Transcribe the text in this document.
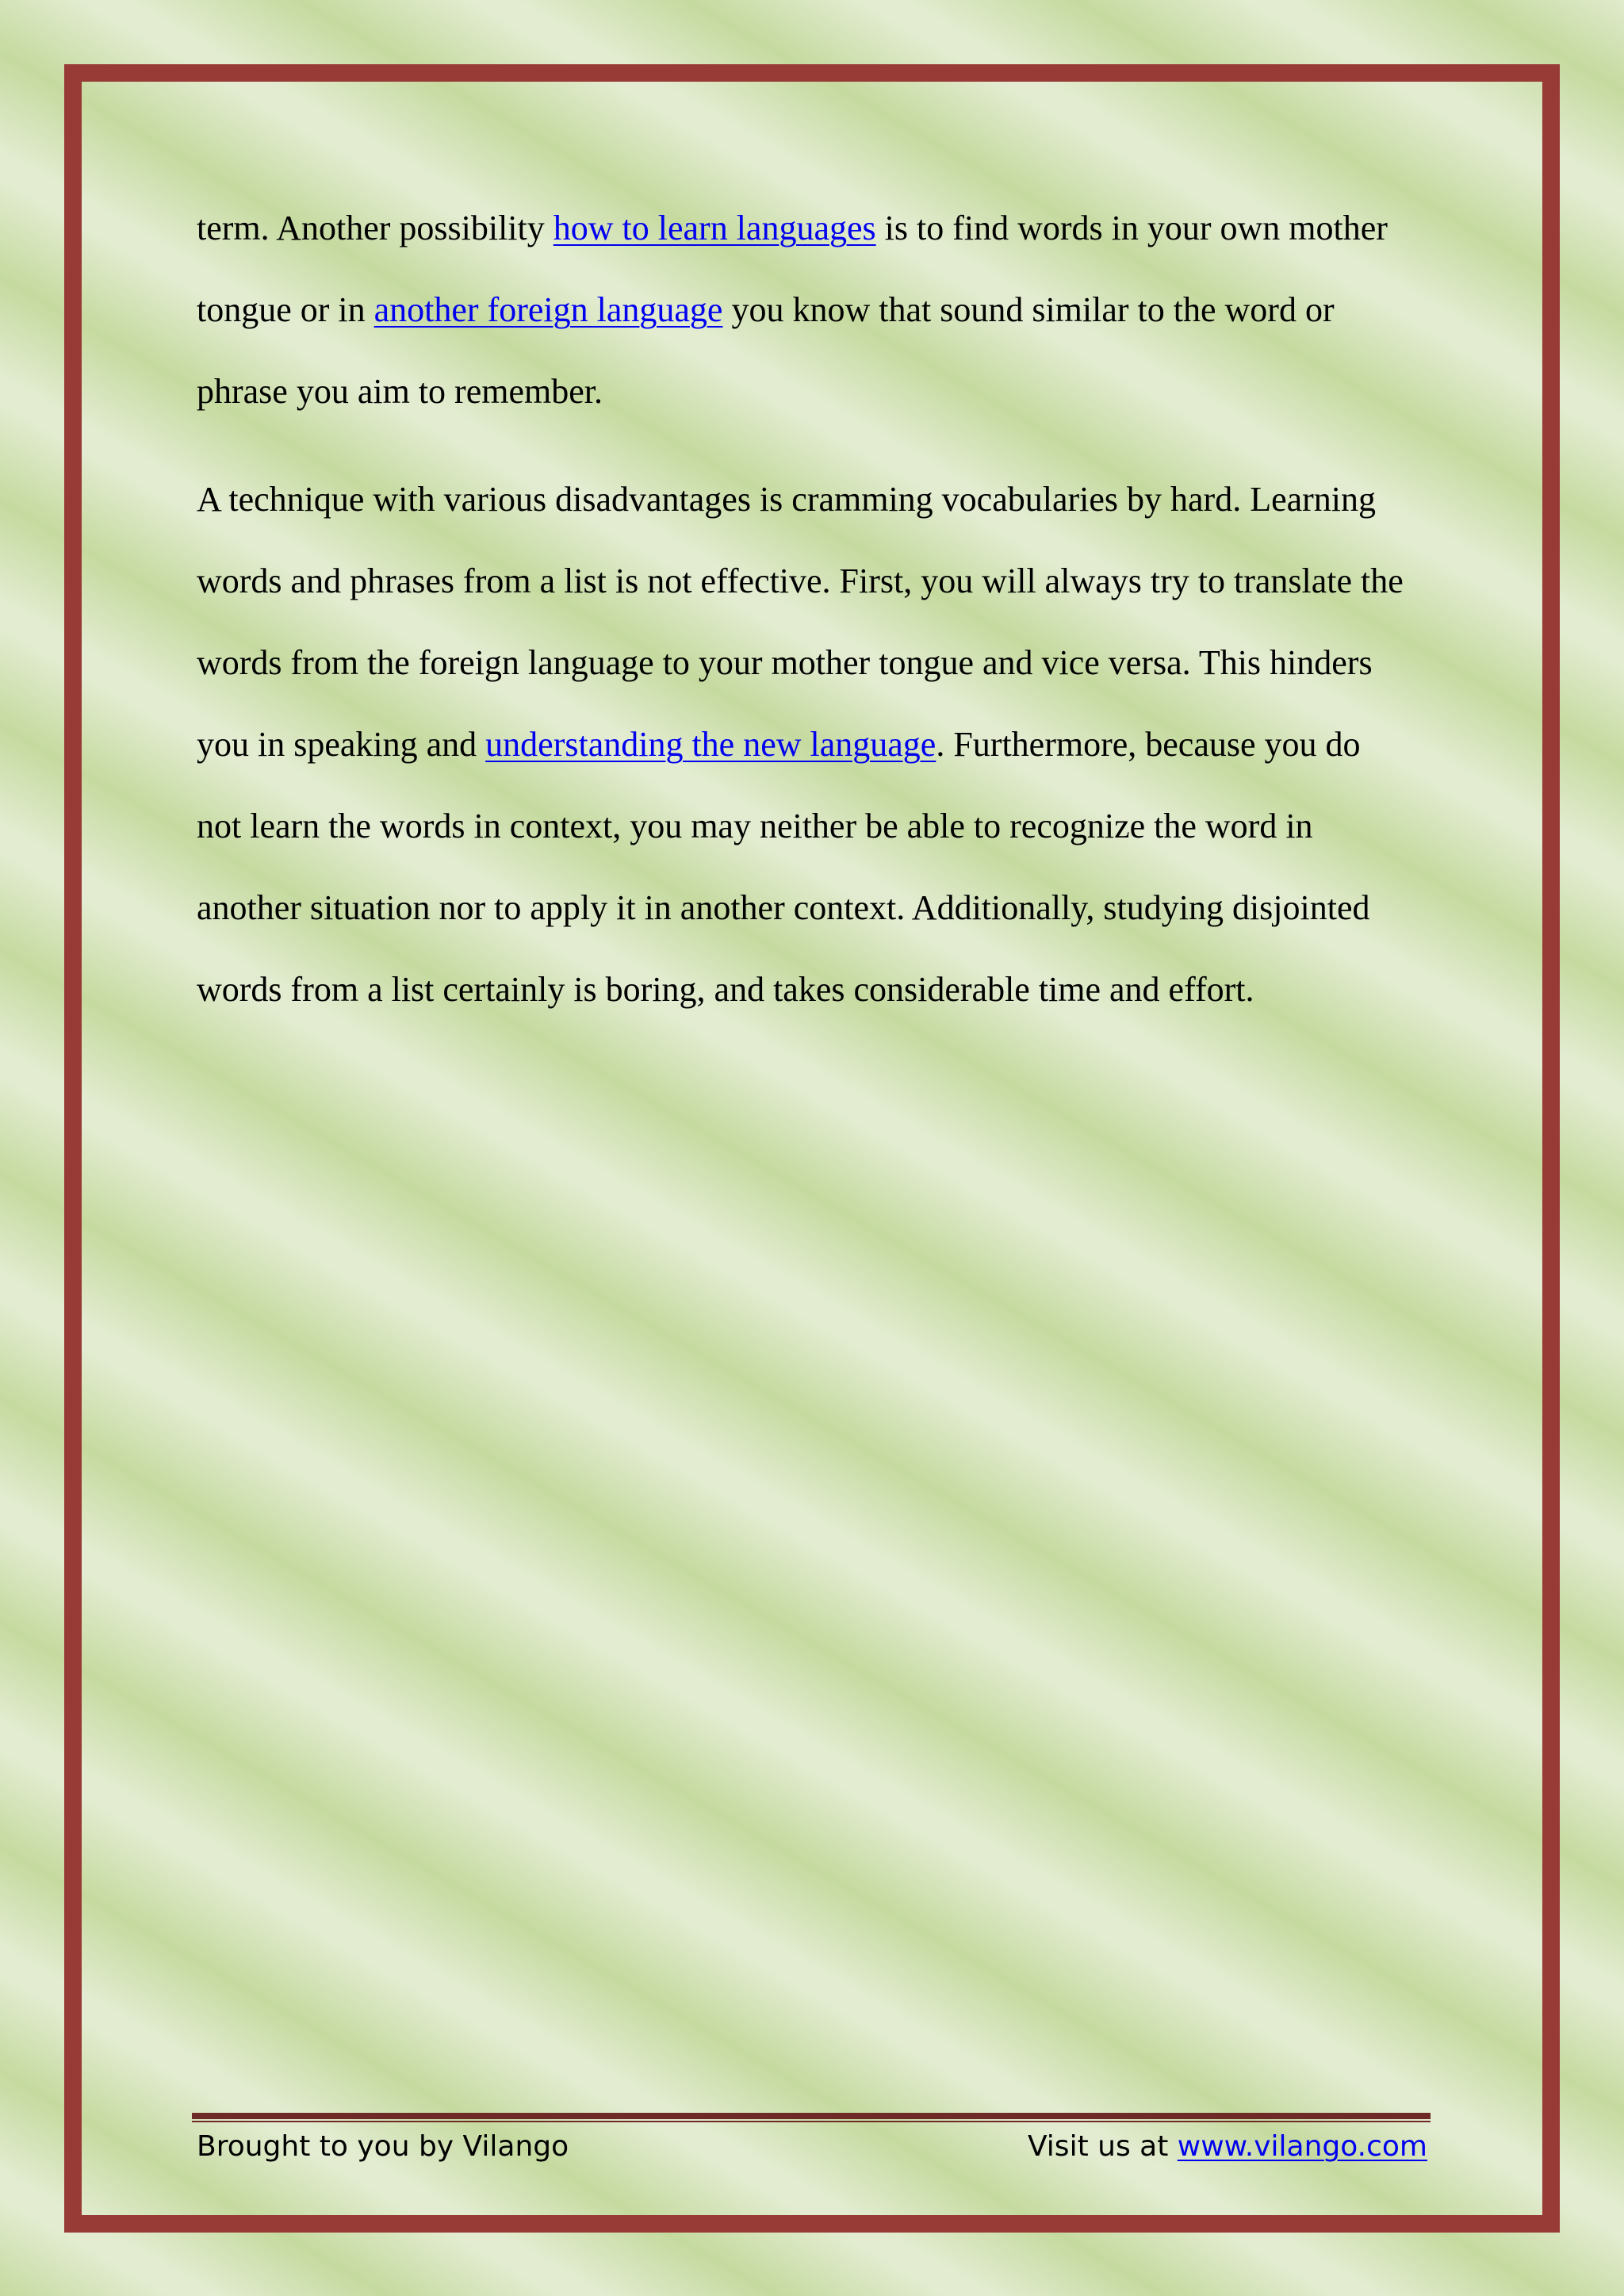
term. Another possibility how to learn languages is to find words in your own mother
tongue or in another foreign language you know that sound similar to the word or
phrase you aim to remember.

A technique with various disadvantages is cramming vocabularies by hard. Learning
words and phrases from a list is not effective. First, you will always try to translate the
words from the foreign language to your mother tongue and vice versa. This hinders
you in speaking and understanding the new language. Furthermore, because you do
not learn the words in context, you may neither be able to recognize the word in
another situation nor to apply it in another context. Additionally, studying disjointed
words from a list certainly is boring, and takes considerable time and effort.

Brought to you by Vilango	Visit us at www.vilango.com
